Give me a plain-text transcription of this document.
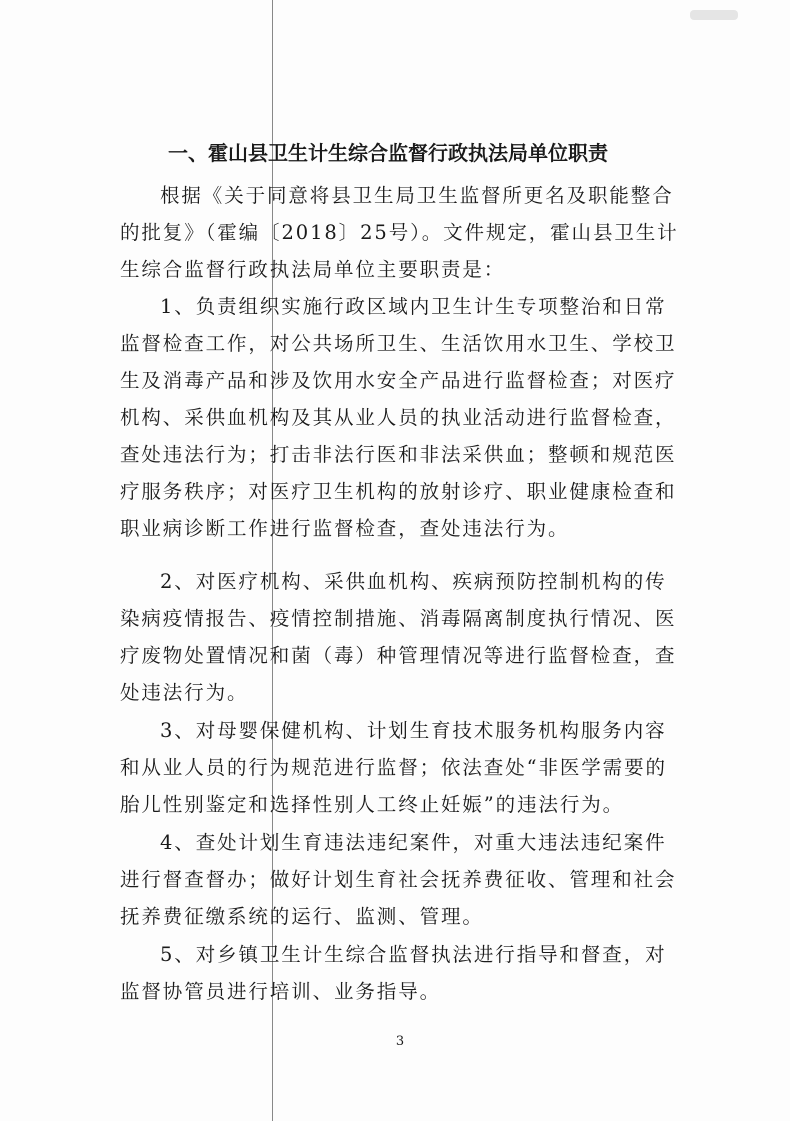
一、霍山县卫生计生综合监督行政执法局单位职责

根据《关于同意将县卫生局卫生监督所更名及职能整合
的批复》（霍编〔2018〕25号）。文件规定，霍山县卫生计
生综合监督行政执法局单位主要职责是：

1、负责组织实施行政区域内卫生计生专项整治和日常
监督检查工作，对公共场所卫生、生活饮用水卫生、学校卫
生及消毒产品和涉及饮用水安全产品进行监督检查；对医疗
机构、采供血机构及其从业人员的执业活动进行监督检查，
查处违法行为；打击非法行医和非法采供血；整顿和规范医
疗服务秩序；对医疗卫生机构的放射诊疗、职业健康检查和
职业病诊断工作进行监督检查，查处违法行为。

2、对医疗机构、采供血机构、疾病预防控制机构的传
染病疫情报告、疫情控制措施、消毒隔离制度执行情况、医
疗废物处置情况和菌（毒）种管理情况等进行监督检查，查
处违法行为。

3、对母婴保健机构、计划生育技术服务机构服务内容
和从业人员的行为规范进行监督；依法查处“非医学需要的
胎儿性别鉴定和选择性别人工终止妊娠”的违法行为。

4、查处计划生育违法违纪案件，对重大违法违纪案件
进行督查督办；做好计划生育社会抚养费征收、管理和社会
抚养费征缴系统的运行、监测、管理。

5、对乡镇卫生计生综合监督执法进行指导和督查，对
监督协管员进行培训、业务指导。

3
